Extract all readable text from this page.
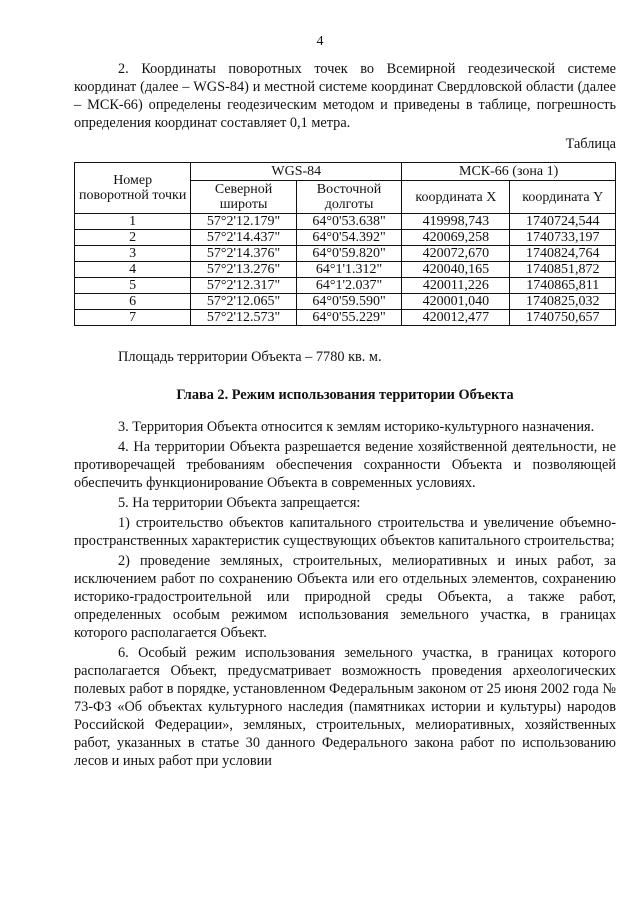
4

2. Координаты поворотных точек во Всемирной геодезической системе координат (далее – WGS-84) и местной системе координат Свердловской области (далее – МСК-66) определены геодезическим методом и приведены в таблице, погрешность определения координат составляет 0,1 метра.

Таблица
Номер поворотной точки	WGS-84		МСК-66 (зона 1)	
	Северной широты	Восточной долготы	координата X	координата Y
1	57°2'12.179"	64°0'53.638"	419998,743	1740724,544
2	57°2'14.437"	64°0'54.392"	420069,258	1740733,197
3	57°2'14.376"	64°0'59.820"	420072,670	1740824,764
4	57°2'13.276"	64°1'1.312"	420040,165	1740851,872
5	57°2'12.317"	64°1'2.037"	420011,226	1740865,811
6	57°2'12.065"	64°0'59.590"	420001,040	1740825,032
7	57°2'12.573"	64°0'55.229"	420012,477	1740750,657

Площадь территории Объекта – 7780 кв. м.

Глава 2. Режим использования территории Объекта

3. Территория Объекта относится к землям историко-культурного назначения.

4. На территории Объекта разрешается ведение хозяйственной деятельности, не противоречащей требованиям обеспечения сохранности Объекта и позволяющей обеспечить функционирование Объекта в современных условиях.

5. На территории Объекта запрещается:

1) строительство объектов капитального строительства и увеличение объемно-пространственных характеристик существующих объектов капитального строительства;

2) проведение земляных, строительных, мелиоративных и иных работ, за исключением работ по сохранению Объекта или его отдельных элементов, сохранению историко-градостроительной или природной среды Объекта, а также работ, определенных особым режимом использования земельного участка, в границах которого располагается Объект.

6. Особый режим использования земельного участка, в границах которого располагается Объект, предусматривает возможность проведения археологических полевых работ в порядке, установленном Федеральным законом от 25 июня 2002 года № 73-ФЗ «Об объектах культурного наследия (памятниках истории и культуры) народов Российской Федерации», земляных, строительных, мелиоративных, хозяйственных работ, указанных в статье 30 данного Федерального закона работ по использованию лесов и иных работ при условии
